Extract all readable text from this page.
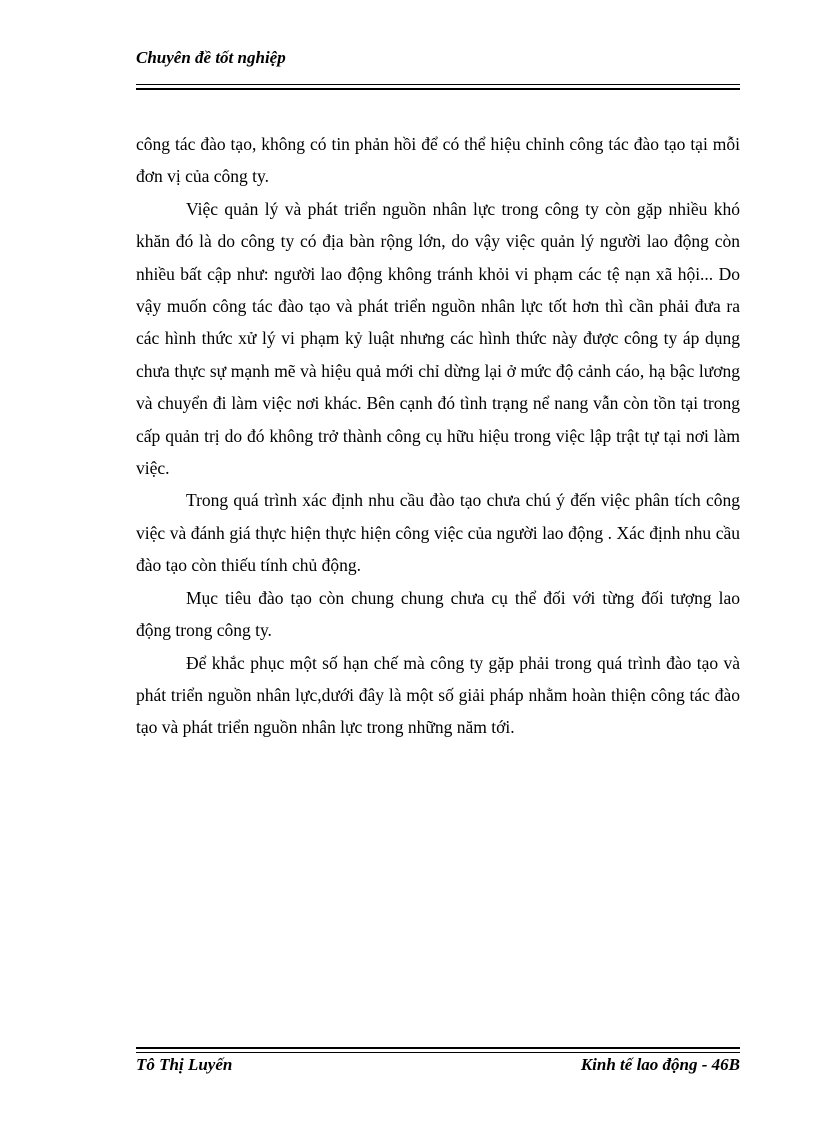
Chuyên đề tốt nghiệp

công tác đào tạo, không có tin phản hồi để có thể hiệu chỉnh công tác đào tạo tại mỗi đơn vị của công ty.

Việc quản lý và phát triển nguồn nhân lực trong công ty còn gặp nhiều khó khăn đó là do công ty có địa bàn rộng lớn, do vậy việc quản lý người lao động còn nhiều bất cập như: người lao động không tránh khỏi vi phạm các tệ nạn xã hội... Do vậy muốn công tác đào tạo và phát triển nguồn nhân lực tốt hơn thì cần phải đưa ra các hình thức xử lý vi phạm kỷ luật nhưng các hình thức này được công ty áp dụng chưa thực sự mạnh mẽ và hiệu quả mới chỉ dừng lại ở mức độ cảnh cáo, hạ bậc lương và chuyển đi làm việc nơi khác. Bên cạnh đó tình trạng nể nang vẫn còn tồn tại trong cấp quản trị do đó không trở thành công cụ hữu hiệu trong việc lập trật tự tại nơi làm việc.

Trong quá trình xác định nhu cầu đào tạo chưa chú ý đến việc phân tích công việc và đánh giá thực hiện thực hiện công việc của người lao động . Xác định nhu cầu đào tạo còn thiếu tính chủ động.

Mục tiêu đào tạo còn chung chung chưa cụ thể đối với từng đối tượng lao động trong công ty.

Để khắc phục một số hạn chế mà công ty gặp phải trong quá trình đào tạo và phát triển nguồn nhân lực,dưới đây là một số giải pháp nhằm hoàn thiện công tác đào tạo và phát triển nguồn nhân lực trong những năm tới.

Tô Thị Luyến	Kinh tế lao động - 46B
